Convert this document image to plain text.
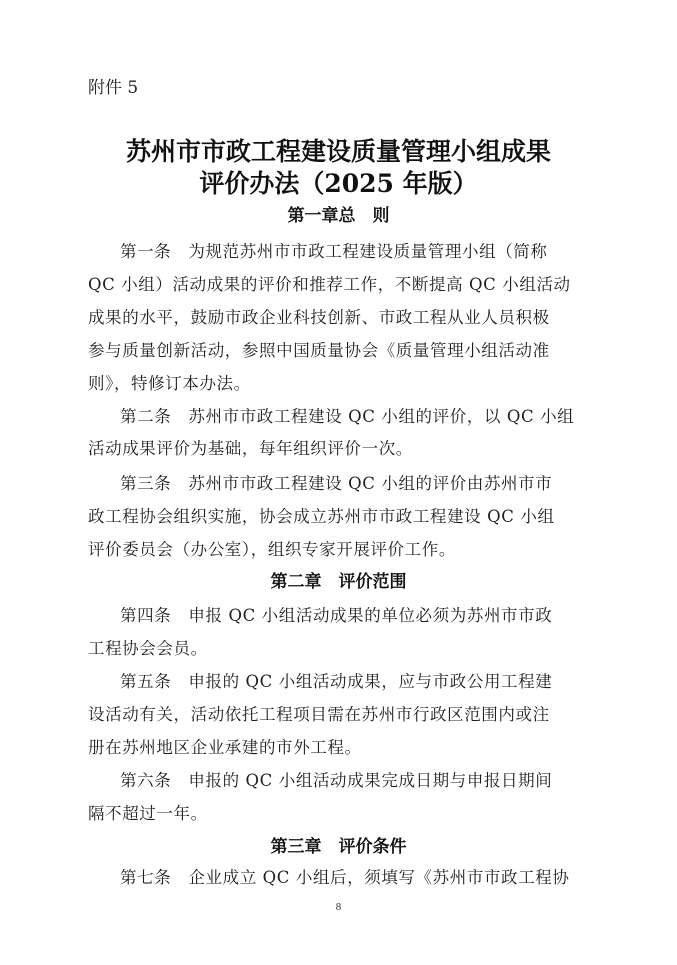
附件 5
苏州市市政工程建设质量管理小组成果
评价办法（2025 年版）
第一章总　则
第一条　为规范苏州市市政工程建设质量管理小组（简称
QC 小组）活动成果的评价和推荐工作，不断提高 QC 小组活动
成果的水平，鼓励市政企业科技创新、市政工程从业人员积极
参与质量创新活动，参照中国质量协会《质量管理小组活动准
则》，特修订本办法。
第二条　苏州市市政工程建设 QC 小组的评价，以 QC 小组
活动成果评价为基础，每年组织评价一次。
第三条　苏州市市政工程建设 QC 小组的评价由苏州市市
政工程协会组织实施，协会成立苏州市市政工程建设 QC 小组
评价委员会（办公室），组织专家开展评价工作。
第二章　评价范围
第四条　申报 QC 小组活动成果的单位必须为苏州市市政
工程协会会员。
第五条　申报的 QC 小组活动成果，应与市政公用工程建
设活动有关，活动依托工程项目需在苏州市行政区范围内或注
册在苏州地区企业承建的市外工程。
第六条　申报的 QC 小组活动成果完成日期与申报日期间
隔不超过一年。
第三章　评价条件
第七条　企业成立 QC 小组后，须填写《苏州市市政工程协
8
